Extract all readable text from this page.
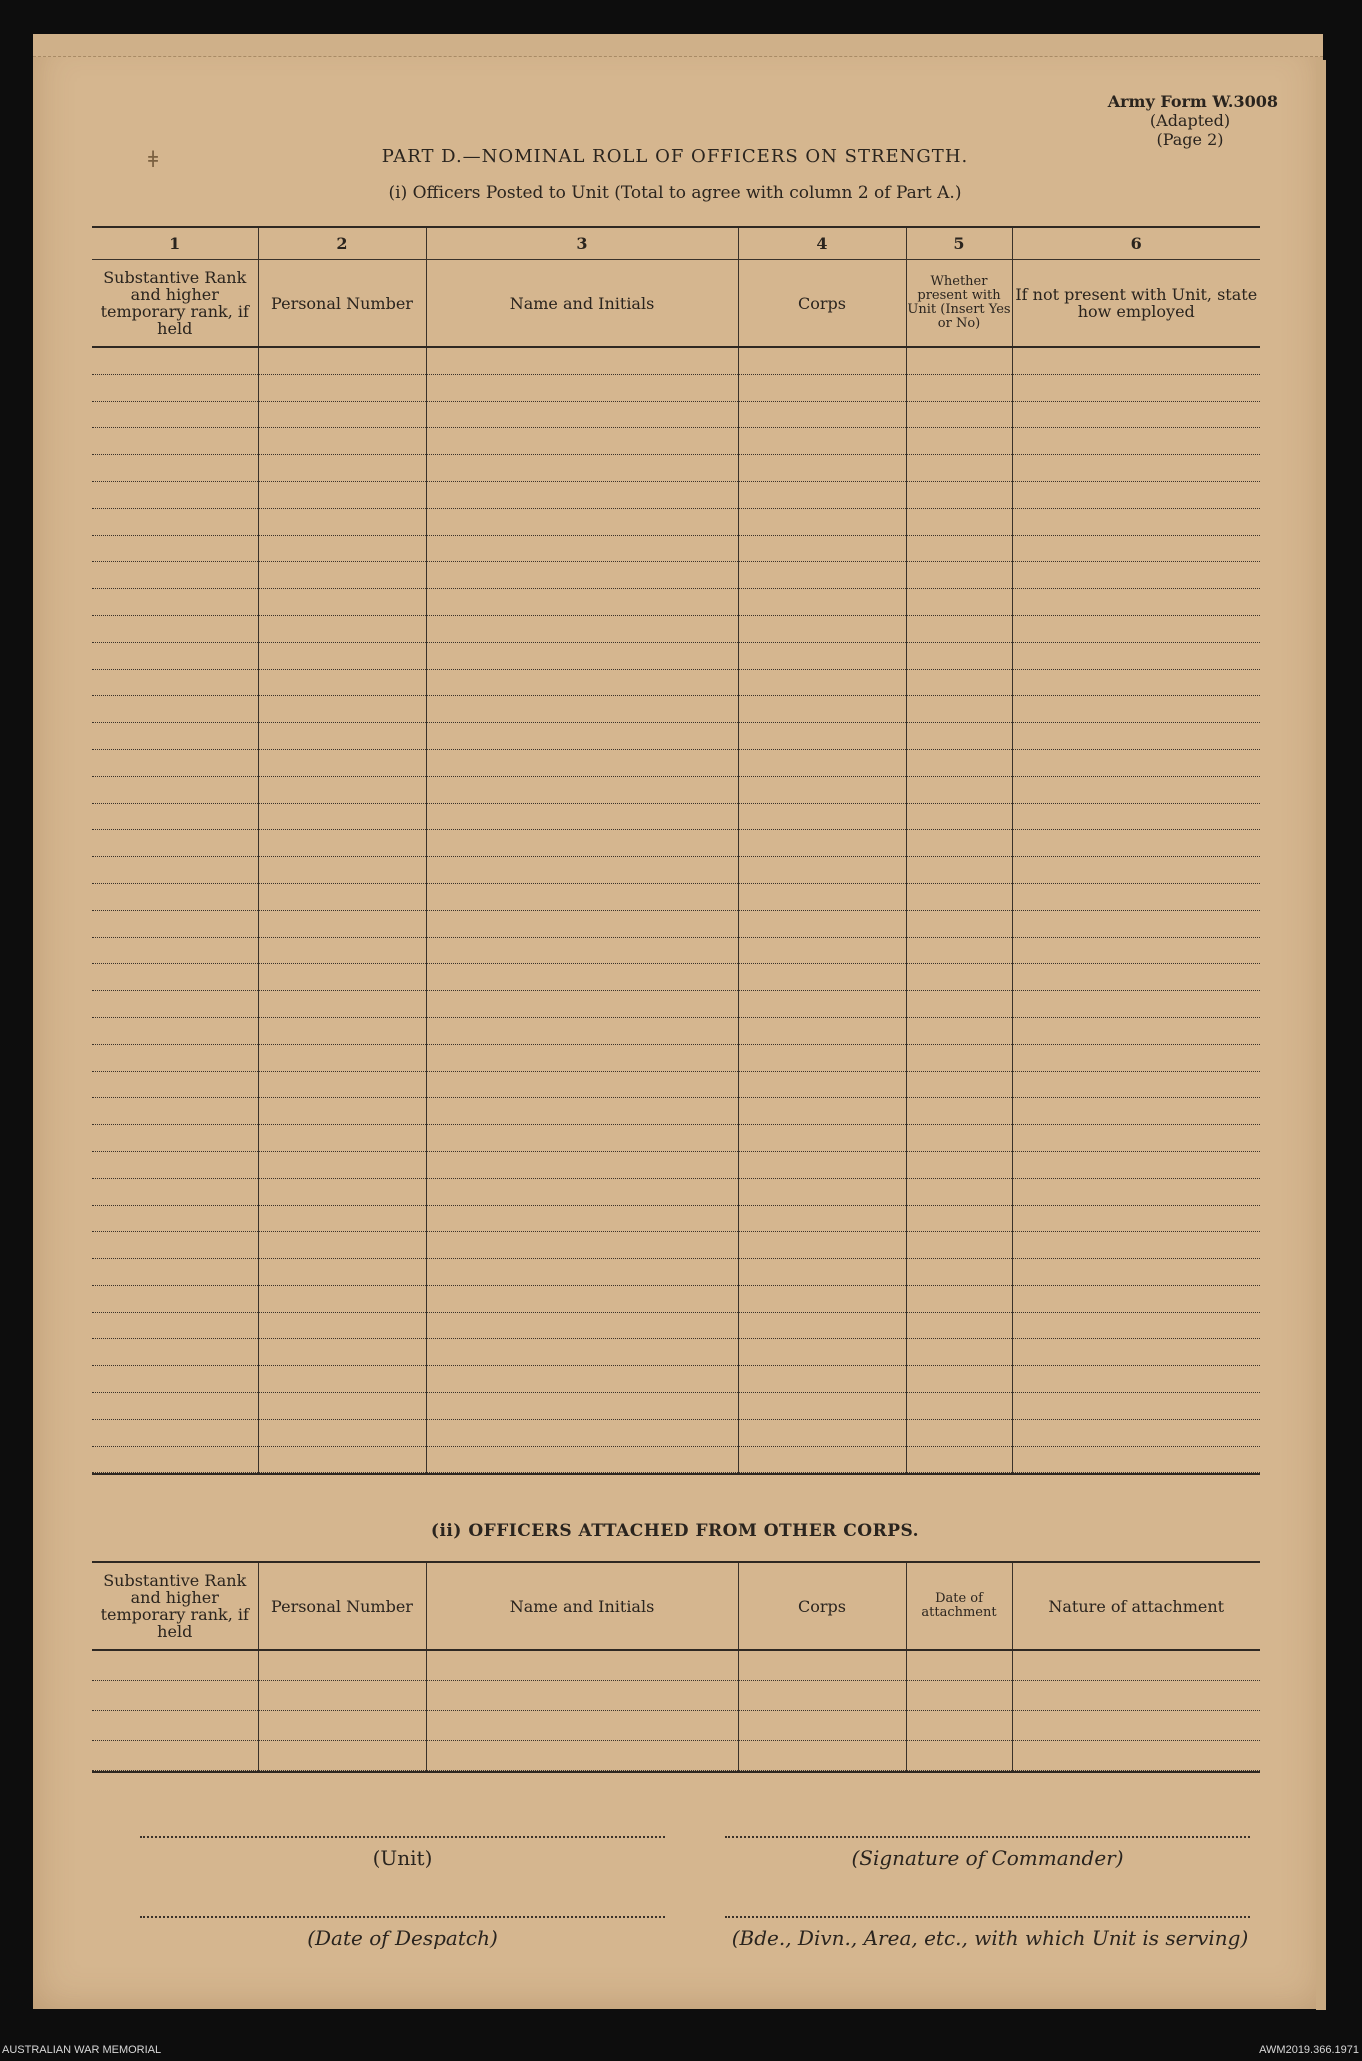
ǂ
Army Form W.3008
(Adapted)
(Page 2)
PART D.—NOMINAL ROLL OF OFFICERS ON STRENGTH.
(i) Officers Posted to Unit (Total to agree with column 2 of Part A.)
1	2	3	4	5	6
Substantive Rank and higher temporary rank, if held	Personal Number	Name and Initials	Corps	Whether present with Unit (Insert Yes or No)	If not present with Unit, state how employed

(ii) OFFICERS ATTACHED FROM OTHER CORPS.
Substantive Rank and higher temporary rank, if held	Personal Number	Name and Initials	Corps	Date of attachment	Nature of attachment

(Unit)	(Signature of Commander)
(Date of Despatch)	(Bde., Divn., Area, etc., with which Unit is serving)
AUSTRALIAN WAR MEMORIAL	AWM2019.366.1971
